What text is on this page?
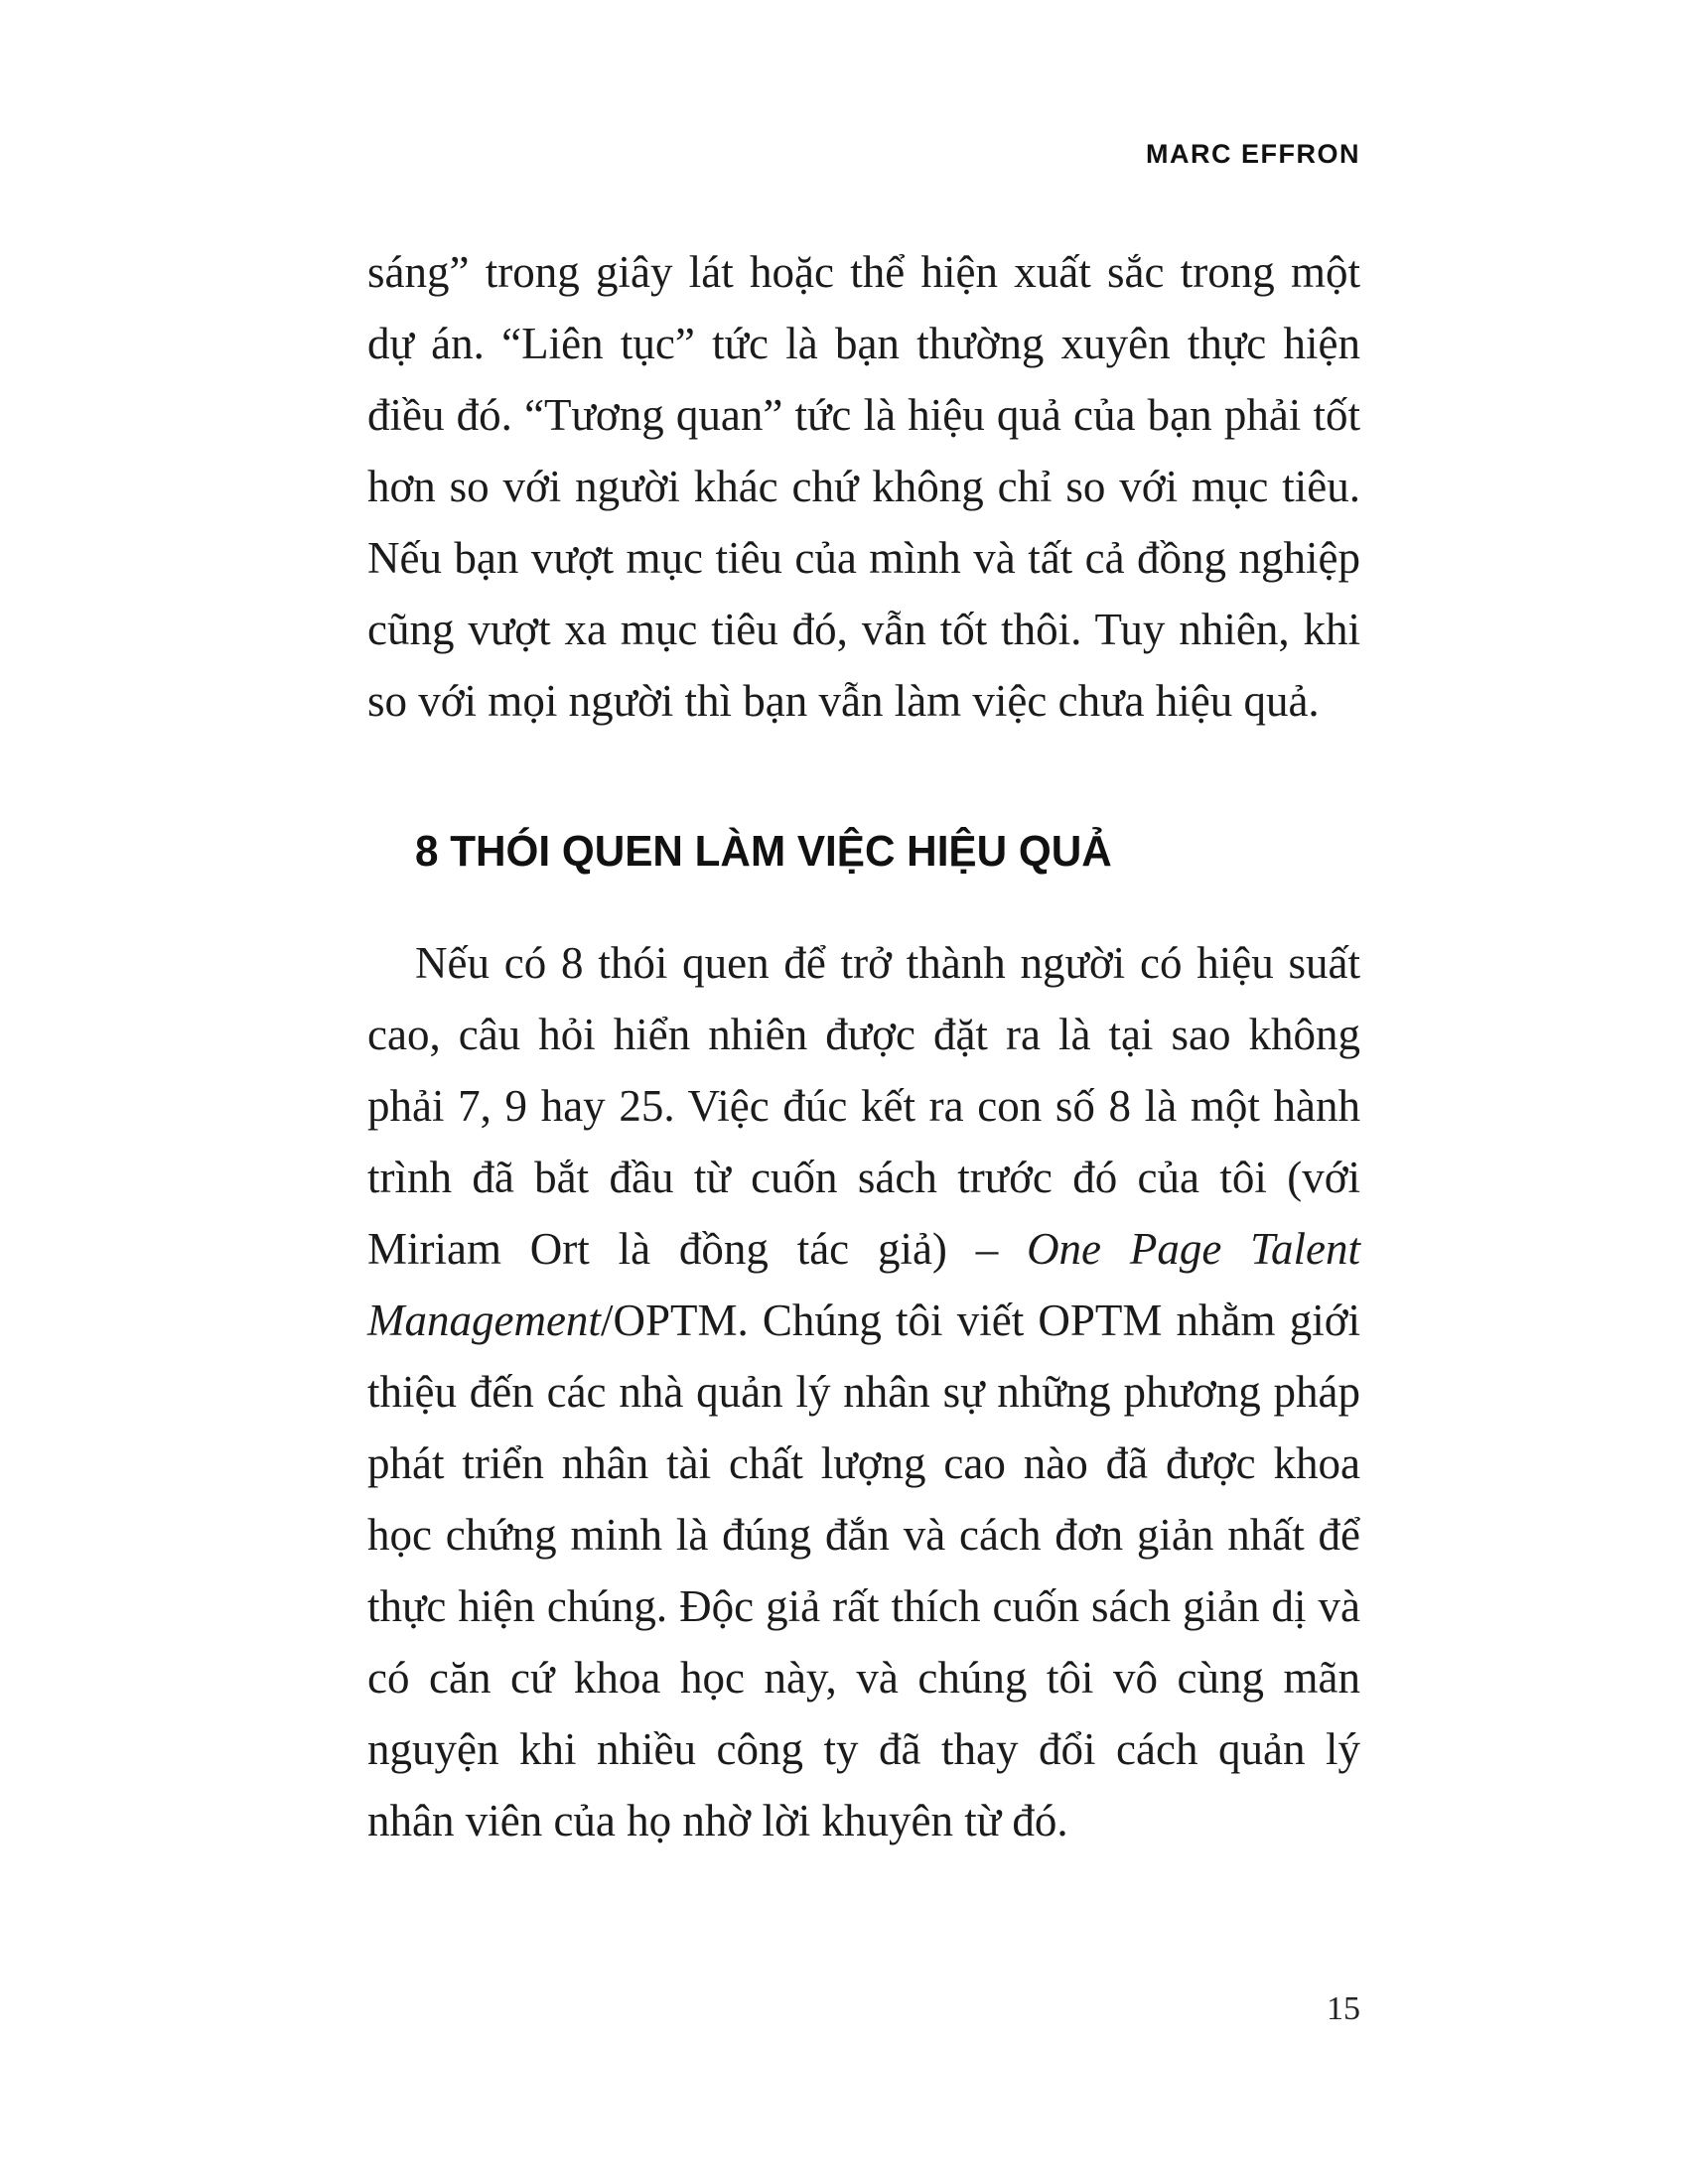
MARC EFFRON

sáng” trong giây lát hoặc thể hiện xuất sắc trong một dự án. “Liên tục” tức là bạn thường xuyên thực hiện điều đó. “Tương quan” tức là hiệu quả của bạn phải tốt hơn so với người khác chứ không chỉ so với mục tiêu. Nếu bạn vượt mục tiêu của mình và tất cả đồng nghiệp cũng vượt xa mục tiêu đó, vẫn tốt thôi. Tuy nhiên, khi so với mọi người thì bạn vẫn làm việc chưa hiệu quả.

8 THÓI QUEN LÀM VIỆC HIỆU QUẢ

Nếu có 8 thói quen để trở thành người có hiệu suất cao, câu hỏi hiển nhiên được đặt ra là tại sao không phải 7, 9 hay 25. Việc đúc kết ra con số 8 là một hành trình đã bắt đầu từ cuốn sách trước đó của tôi (với Miriam Ort là đồng tác giả) – One Page Talent Management/OPTM. Chúng tôi viết OPTM nhằm giới thiệu đến các nhà quản lý nhân sự những phương pháp phát triển nhân tài chất lượng cao nào đã được khoa học chứng minh là đúng đắn và cách đơn giản nhất để thực hiện chúng. Độc giả rất thích cuốn sách giản dị và có căn cứ khoa học này, và chúng tôi vô cùng mãn nguyện khi nhiều công ty đã thay đổi cách quản lý nhân viên của họ nhờ lời khuyên từ đó.

15
